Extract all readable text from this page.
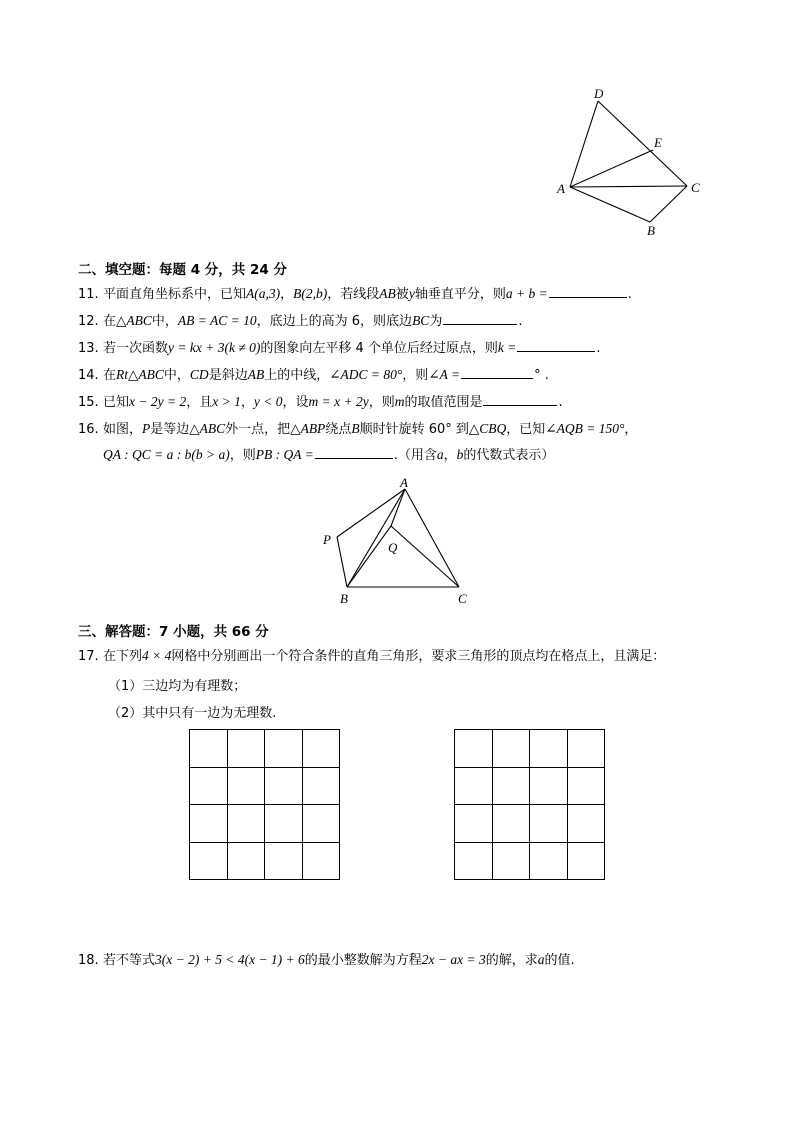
D
E
A	C
B
二、填空题：每题 4 分，共 24 分
11. 平面直角坐标系中，已知A(a,3)，B(2,b)，若线段AB被y轴垂直平分，则a + b =	.
12. 在△ABC中，AB = AC = 10，底边上的高为 6，则底边BC为	.
13. 若一次函数y = kx + 3(k ≠ 0)的图象向左平移 4 个单位后经过原点，则k =	.
14. 在Rt△ABC中，CD是斜边AB上的中线，∠ADC = 80°，则∠A =	° .
15. 已知x − 2y = 2，且x > 1，y < 0，设m = x + 2y，则m的取值范围是	.
16. 如图，P是等边△ABC外一点，把△ABP绕点B顺时针旋转 60° 到△CBQ，已知∠AQB = 150°，
QA : QC = a : b(b > a)，则PB : QA =	.（用含a，b的代数式表示）
A
P
Q
B	C
三、解答题：7 小题，共 66 分
17. 在下列4 × 4网格中分别画出一个符合条件的直角三角形，要求三角形的顶点均在格点上，且满足：
（1）三边均为有理数；
（2）其中只有一边为无理数.

18. 若不等式3(x − 2) + 5 < 4(x − 1) + 6的最小整数解为方程2x − ax = 3的解，求a的值.
